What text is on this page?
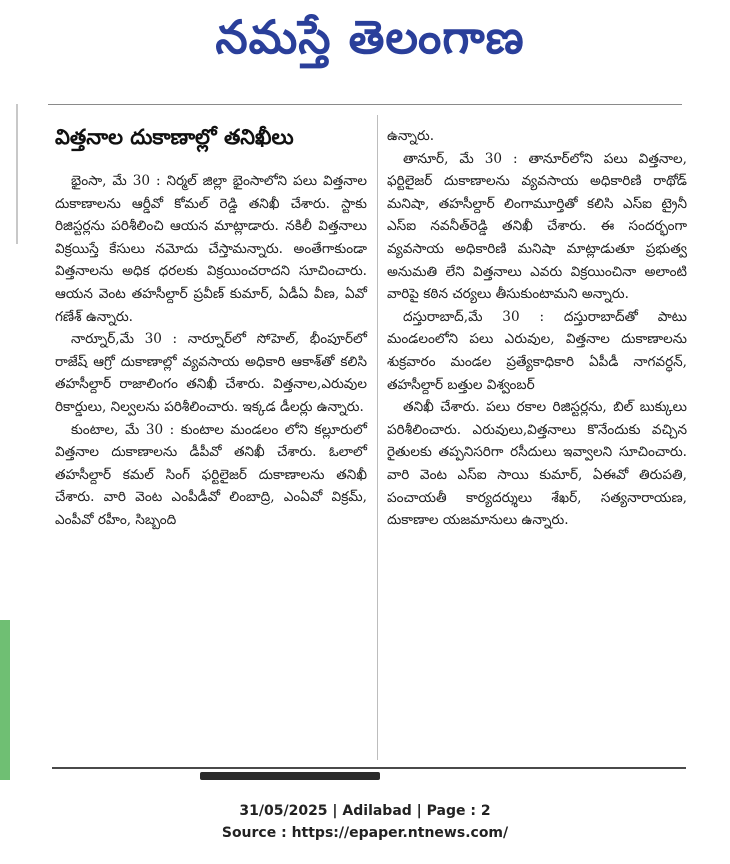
నమస్తే తెలంగాణ
విత్తనాల దుకాణాల్లో తనిఖీలు

భైంసా, మే 30 : నిర్మల్ జిల్లా భైంసాలోని పలు విత్తనాల దుకాణాలను ఆర్డీవో కోమల్ రెడ్డి తనిఖీ చేశారు. స్టాకు రిజిస్టర్లను పరిశీలించి ఆయన మాట్లాడారు. నకిలీ విత్తనాలు విక్రయిస్తే కేసులు నమోదు చేస్తామన్నారు. అంతేగాకుండా విత్తనాలను అధిక ధరలకు విక్రయించరాదని సూచించారు. ఆయన వెంట తహసీల్దార్ ప్రవీణ్ కుమార్, ఏడీఏ వీణ, ఏవో గణేశ్ ఉన్నారు.

నార్నూర్,మే 30 : నార్నూర్‌లో సోహెల్, భీంపూర్‌లో రాజేష్ ఆగ్రో దుకాణాల్లో వ్యవసాయ అధికారి ఆకాశ్‌తో కలిసి తహసీల్దార్ రాజాలింగం తనిఖీ చేశారు. విత్తనాల,ఎరువుల రికార్డులు, నిల్వలను పరిశీలించారు. ఇక్కడ డీలర్లు ఉన్నారు.

కుంటాల, మే 30 : కుంటాల మండలం లోని కల్లూరులో విత్తనాల దుకాణాలను డీపీవో తనిఖీ చేశారు. ఓలాలో తహసీల్దార్ కమల్ సింగ్ ఫర్టిలైజర్ దుకాణాలను తనిఖీ చేశారు. వారి వెంట ఎంపీడీవో లింబాద్రి, ఎంఏవో విక్రమ్, ఎంపీవో రహీం, సిబ్బంది

ఉన్నారు.

తానూర్, మే 30 : తానూర్‌లోని పలు విత్తనాల, ఫర్టిలైజర్ దుకాణాలను వ్యవసాయ అధికారిణి రాథోడ్ మనిషా, తహసీల్దార్ లింగామూర్తితో కలిసి ఎస్ఐ ట్రైనీ ఎస్ఐ నవనీత్‌రెడ్డి తనిఖీ చేశారు. ఈ సందర్భంగా వ్యవసాయ అధికారిణి మనిషా మాట్లాడుతూ ప్రభుత్వ అనుమతి లేని విత్తనాలు ఎవరు విక్రయించినా అలాంటి వారిపై కఠిన చర్యలు తీసుకుంటామని అన్నారు.

దస్తురాబాద్,మే 30 : దస్తురాబాద్‌తో పాటు మండలంలోని పలు ఎరువుల, విత్తనాల దుకాణాలను శుక్రవారం మండల ప్రత్యేకాధికారి ఏపీడీ నాగవర్ధన్, తహసీల్దార్ బత్తుల విశ్వంబర్

తనిఖీ చేశారు. పలు రకాల రిజిస్టర్లను, బిల్ బుక్కులు పరిశీలించారు. ఎరువులు,విత్తనాలు కొనేందుకు వచ్చిన రైతులకు తప్పనిసరిగా రసీదులు ఇవ్వాలని సూచించారు. వారి వెంట ఎస్ఐ సాయి కుమార్, ఏఈవో తిరుపతి, పంచాయతీ కార్యదర్శులు శేఖర్, సత్యనారాయణ, దుకాణాల యజమానులు ఉన్నారు.

31/05/2025 | Adilabad | Page : 2
Source : https://epaper.ntnews.com/
